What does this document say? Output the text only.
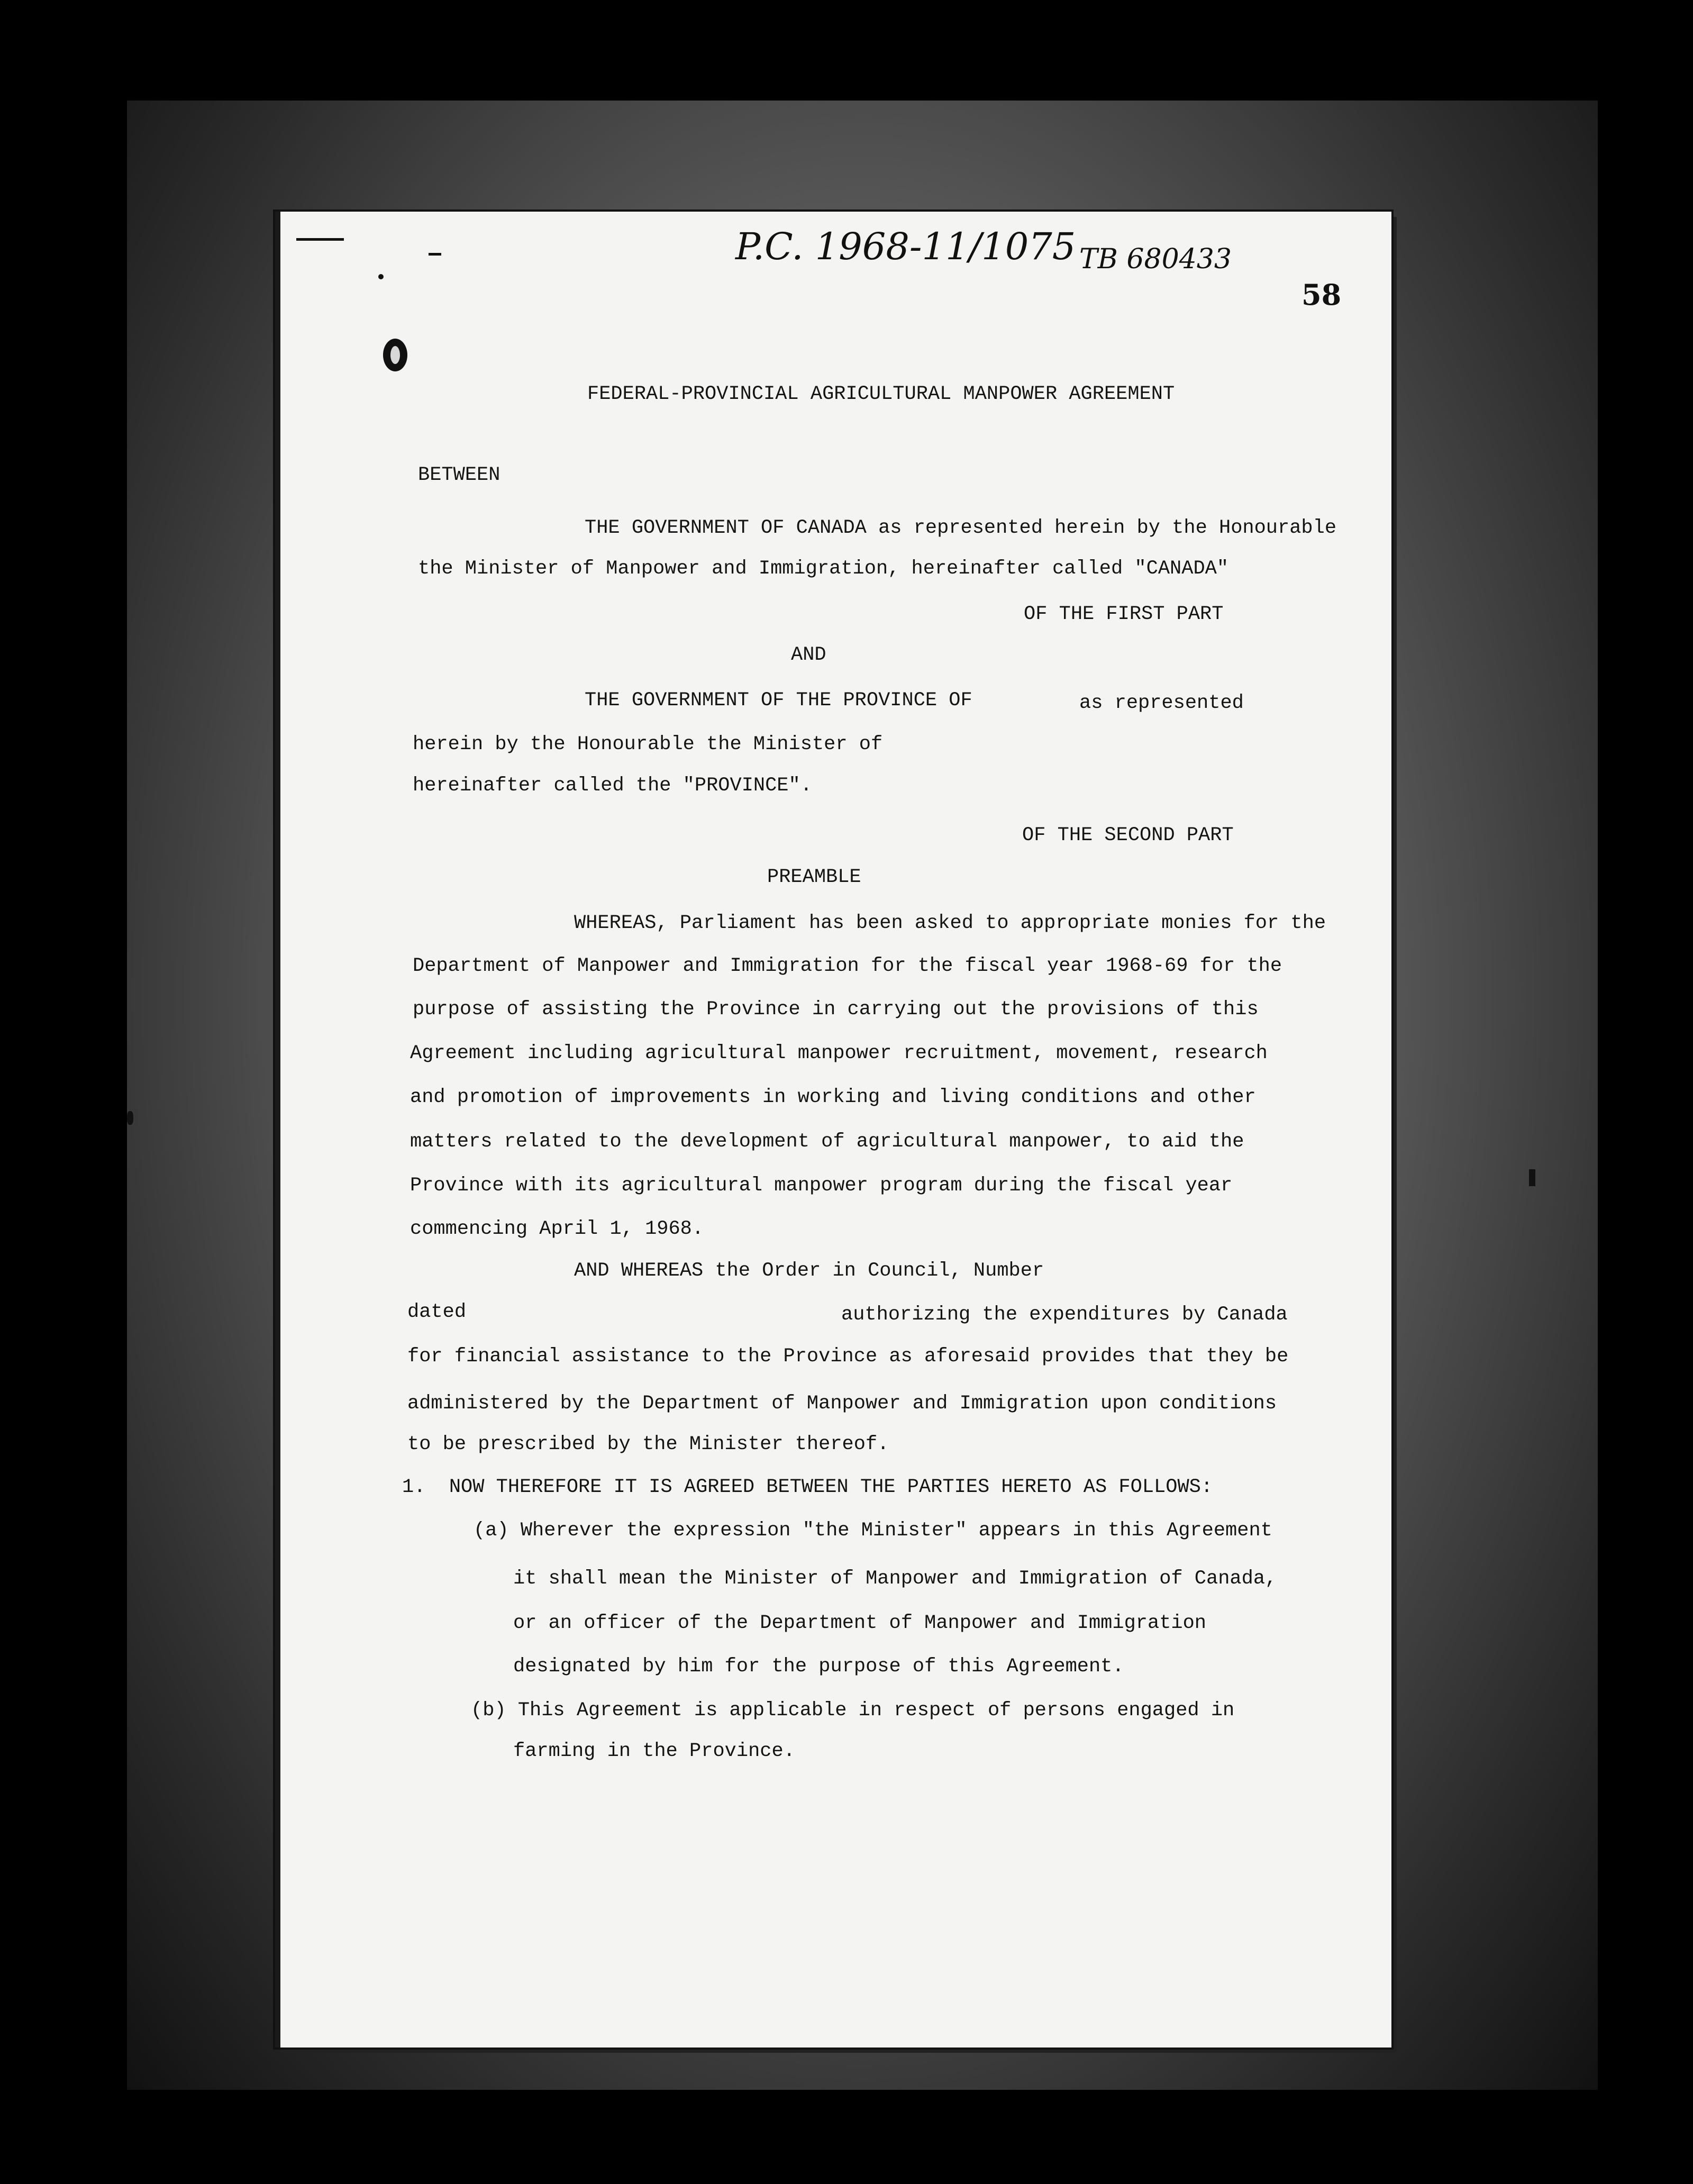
P.C. 1968-11/1075 TB 680433
58
FEDERAL-PROVINCIAL AGRICULTURAL MANPOWER AGREEMENT
BETWEEN
THE GOVERNMENT OF CANADA as represented herein by the Honourable
the Minister of Manpower and Immigration, hereinafter called "CANADA"
OF THE FIRST PART
AND
THE GOVERNMENT OF THE PROVINCE OF	as represented
herein by the Honourable the Minister of
hereinafter called the "PROVINCE".
OF THE SECOND PART
PREAMBLE
WHEREAS, Parliament has been asked to appropriate monies for the
Department of Manpower and Immigration for the fiscal year 1968-69 for the
purpose of assisting the Province in carrying out the provisions of this
Agreement including agricultural manpower recruitment, movement, research
and promotion of improvements in working and living conditions and other
matters related to the development of agricultural manpower, to aid the
Province with its agricultural manpower program during the fiscal year
commencing April 1, 1968.
AND WHEREAS the Order in Council, Number
dated	authorizing the expenditures by Canada
for financial assistance to the Province as aforesaid provides that they be
administered by the Department of Manpower and Immigration upon conditions
to be prescribed by the Minister thereof.
1.  NOW THEREFORE IT IS AGREED BETWEEN THE PARTIES HERETO AS FOLLOWS:
(a) Wherever the expression "the Minister" appears in this Agreement
it shall mean the Minister of Manpower and Immigration of Canada,
or an officer of the Department of Manpower and Immigration
designated by him for the purpose of this Agreement.
(b) This Agreement is applicable in respect of persons engaged in
farming in the Province.
